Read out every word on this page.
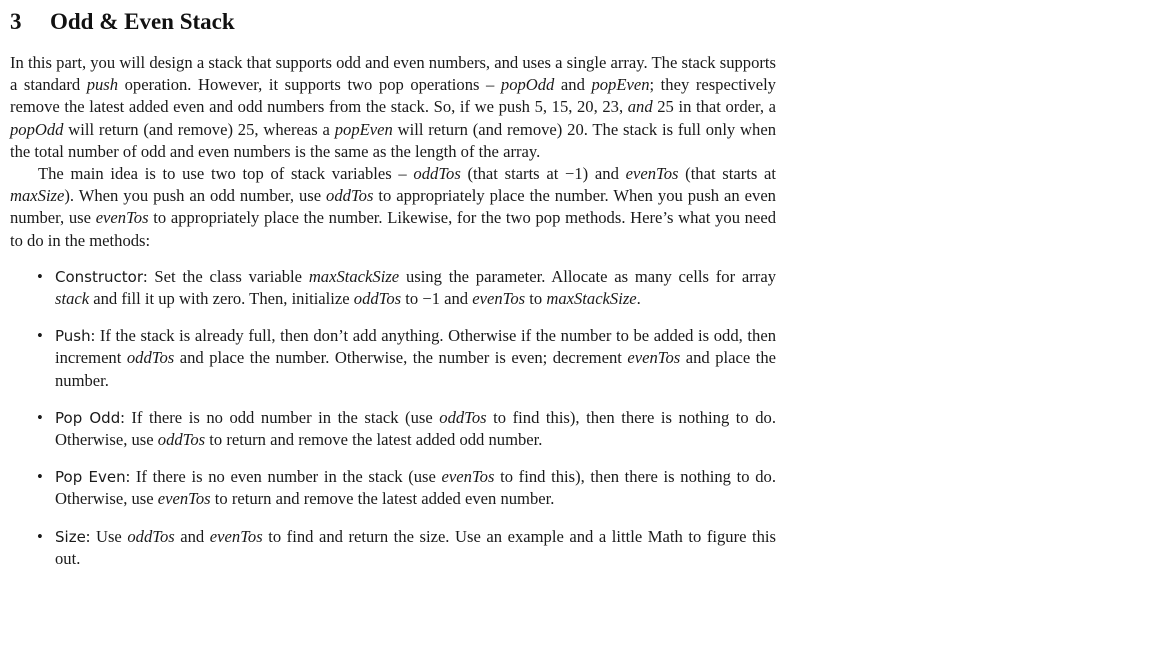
3 Odd & Even Stack

In this part, you will design a stack that supports odd and even numbers, and uses a single array. The stack supports a standard push operation. However, it supports two pop operations – popOdd and popEven; they respectively remove the latest added even and odd numbers from the stack. So, if we push 5, 15, 20, 23, and 25 in that order, a popOdd will return (and remove) 25, whereas a popEven will return (and remove) 20. The stack is full only when the total number of odd and even numbers is the same as the length of the array.

The main idea is to use two top of stack variables – oddTos (that starts at −1) and evenTos (that starts at maxSize). When you push an odd number, use oddTos to appropriately place the number. When you push an even number, use evenTos to appropriately place the number. Likewise, for the two pop methods. Here’s what you need to do in the methods:

• Constructor: Set the class variable maxStackSize using the parameter. Allocate as many cells for array stack and fill it up with zero. Then, initialize oddTos to −1 and evenTos to maxStackSize.
• Push: If the stack is already full, then don’t add anything. Otherwise if the number to be added is odd, then increment oddTos and place the number. Otherwise, the number is even; decrement evenTos and place the number.
• Pop Odd: If there is no odd number in the stack (use oddTos to find this), then there is nothing to do. Otherwise, use oddTos to return and remove the latest added odd number.
• Pop Even: If there is no even number in the stack (use evenTos to find this), then there is nothing to do. Otherwise, use evenTos to return and remove the latest added even number.
• Size: Use oddTos and evenTos to find and return the size. Use an example and a little Math to figure this out.
